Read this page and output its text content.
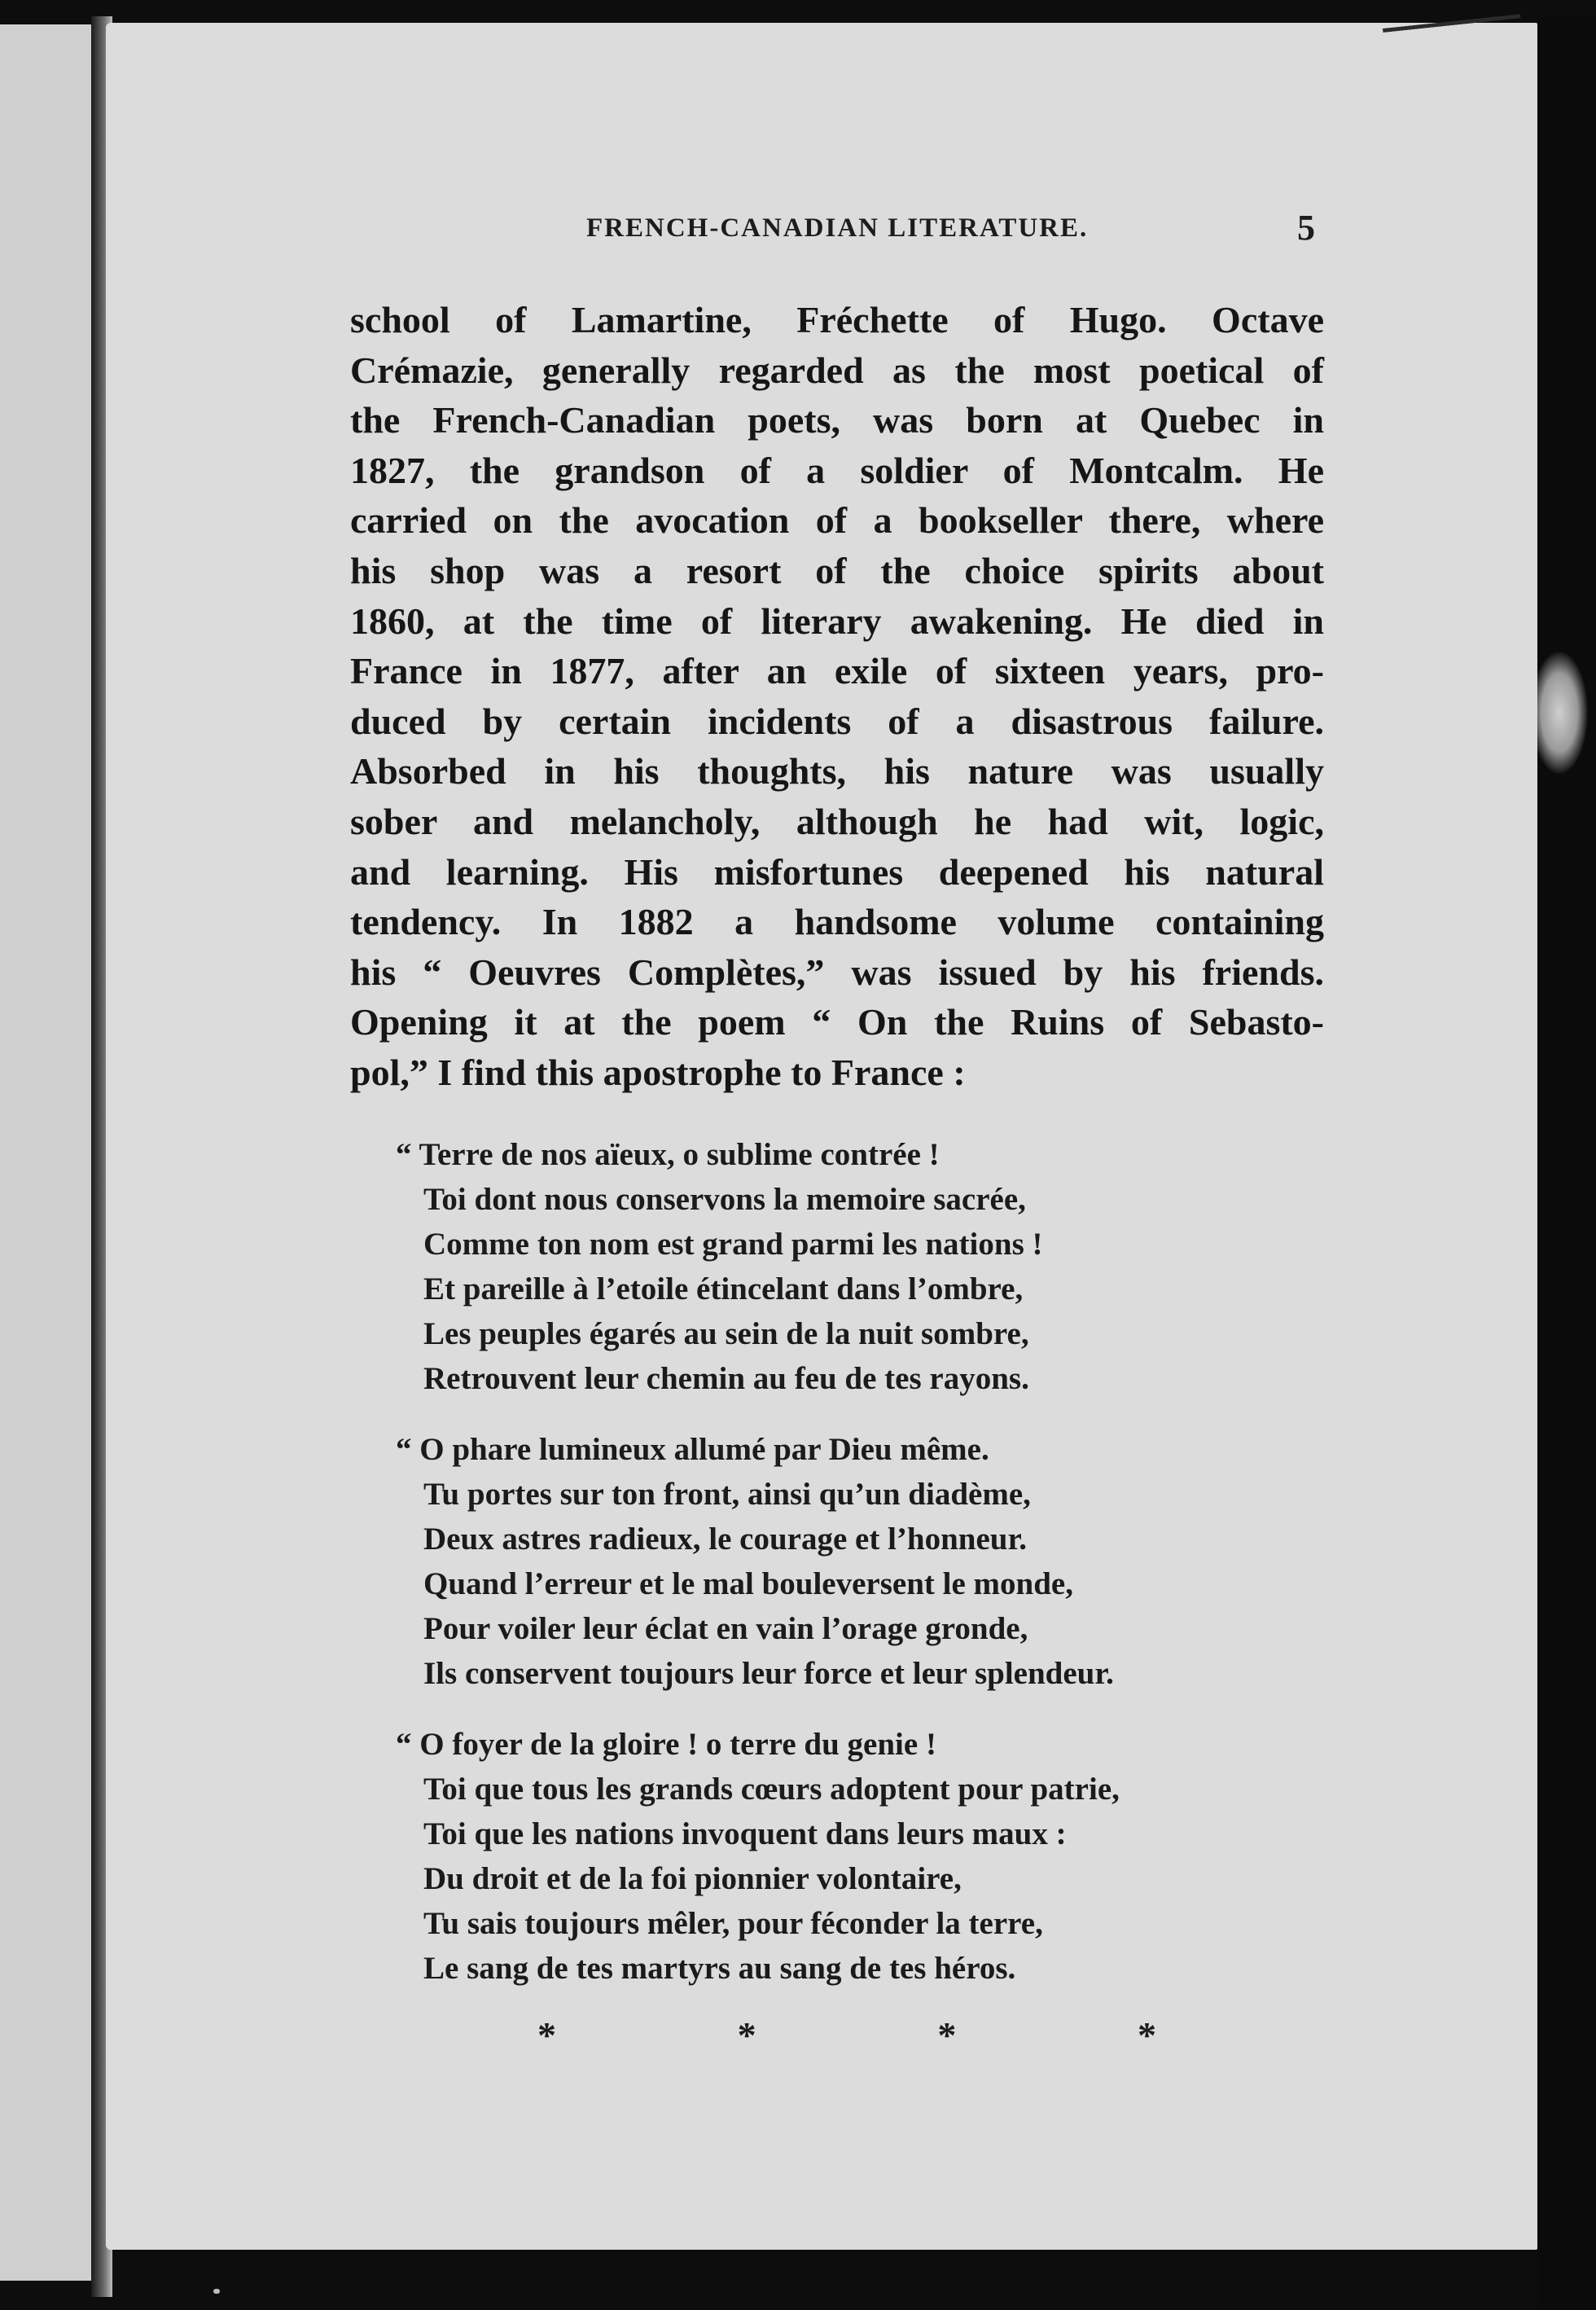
FRENCH-CANADIAN LITERATURE.	5
school of Lamartine, Fréchette of Hugo. Octave
Crémazie, generally regarded as the most poetical of
the French-Canadian poets, was born at Quebec in
1827, the grandson of a soldier of Montcalm. He
carried on the avocation of a bookseller there, where
his shop was a resort of the choice spirits about
1860, at the time of literary awakening. He died in
France in 1877, after an exile of sixteen years, pro-
duced by certain incidents of a disastrous failure.
Absorbed in his thoughts, his nature was usually
sober and melancholy, although he had wit, logic,
and learning. His misfortunes deepened his natural
tendency. In 1882 a handsome volume containing
his “ Oeuvres Complètes,” was issued by his friends.
Opening it at the poem “ On the Ruins of Sebasto-
pol,” I find this apostrophe to France :
“ Terre de nos aïeux, o sublime contrée !
Toi dont nous conservons la memoire sacrée,
Comme ton nom est grand parmi les nations !
Et pareille à l’etoile étincelant dans l’ombre,
Les peuples égarés au sein de la nuit sombre,
Retrouvent leur chemin au feu de tes rayons.
“ O phare lumineux allumé par Dieu même.
Tu portes sur ton front, ainsi qu’un diadème,
Deux astres radieux, le courage et l’honneur.
Quand l’erreur et le mal bouleversent le monde,
Pour voiler leur éclat en vain l’orage gronde,
Ils conservent toujours leur force et leur splendeur.
“ O foyer de la gloire ! o terre du genie !
Toi que tous les grands cœurs adoptent pour patrie,
Toi que les nations invoquent dans leurs maux :
Du droit et de la foi pionnier volontaire,
Tu sais toujours mêler, pour féconder la terre,
Le sang de tes martyrs au sang de tes héros.
*	*	*	*
